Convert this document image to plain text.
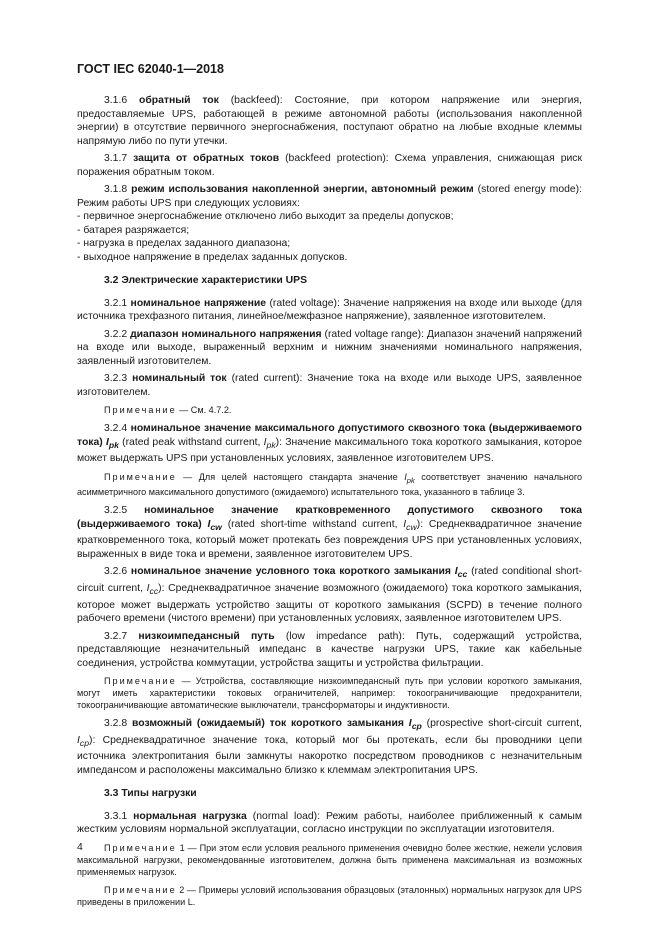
ГОСТ IEC 62040-1—2018

3.1.6 обратный ток (backfeed): Состояние, при котором напряжение или энергия, предоставляемые UPS, работающей в режиме автономной работы (использования накопленной энергии) в отсутствие первичного энергоснабжения, поступают обратно на любые входные клеммы напрямую либо по пути утечки.

3.1.7 защита от обратных токов (backfeed protection): Схема управления, снижающая риск поражения обратным током.

3.1.8 режим использования накопленной энергии, автономный режим (stored energy mode): Режим работы UPS при следующих условиях:

- первичное энергоснабжение отключено либо выходит за пределы допусков;
- батарея разряжается;
- нагрузка в пределах заданного диапазона;
- выходное напряжение в пределах заданных допусков.

3.2 Электрические характеристики UPS

3.2.1 номинальное напряжение (rated voltage): Значение напряжения на входе или выходе (для источника трехфазного питания, линейное/межфазное напряжение), заявленное изготовителем.

3.2.2 диапазон номинального напряжения (rated voltage range): Диапазон значений напряжений на входе или выходе, выраженный верхним и нижним значениями номинального напряжения, заявленный изготовителем.

3.2.3 номинальный ток (rated current): Значение тока на входе или выходе UPS, заявленное изготовителем.

Примечание — См. 4.7.2.

3.2.4 номинальное значение максимального допустимого сквозного тока (выдерживаемого тока) $I_{pk}$ (rated peak withstand current, $I_{pk}$): Значение максимального тока короткого замыкания, которое может выдержать UPS при установленных условиях, заявленное изготовителем UPS.

Примечание — Для целей настоящего стандарта значение $I_{pk}$ соответствует значению начального асимметричного максимального допустимого (ожидаемого) испытательного тока, указанного в таблице 3.

3.2.5 номинальное значение кратковременного допустимого сквозного тока (выдерживаемого тока) $I_{cw}$ (rated short-time withstand current, $I_{cw}$): Среднеквадратичное значение кратковременного тока, который может протекать без повреждения UPS при установленных условиях, выраженных в виде тока и времени, заявленное изготовителем UPS.

3.2.6 номинальное значение условного тока короткого замыкания $I_{cc}$ (rated conditional short-circuit current, $I_{cc}$): Среднеквадратичное значение возможного (ожидаемого) тока короткого замыкания, которое может выдержать устройство защиты от короткого замыкания (SCPD) в течение полного рабочего времени (чистого времени) при установленных условиях, заявленное изготовителем UPS.

3.2.7 низкоимпедансный путь (low impedance path): Путь, содержащий устройства, представляющие незначительный импеданс в качестве нагрузки UPS, такие как кабельные соединения, устройства коммутации, устройства защиты и устройства фильтрации.

Примечание — Устройства, составляющие низкоимпедансный путь при условии короткого замыкания, могут иметь характеристики токовых ограничителей, например: токоограничивающие предохранители, токоограничивающие автоматические выключатели, трансформаторы и индуктивности.

3.2.8 возможный (ожидаемый) ток короткого замыкания $I_{cp}$ (prospective short-circuit current, $I_{cp}$): Среднеквадратичное значение тока, который мог бы протекать, если бы проводники цепи источника электропитания были замкнуты накоротко посредством проводников с незначительным импедансом и расположены максимально близко к клеммам электропитания UPS.

3.3 Типы нагрузки

3.3.1 нормальная нагрузка (normal load): Режим работы, наиболее приближенный к самым жестким условиям нормальной эксплуатации, согласно инструкции по эксплуатации изготовителя.

Примечание 1 — При этом если условия реального применения очевидно более жесткие, нежели условия максимальной нагрузки, рекомендованные изготовителем, должна быть применена максимальная из возможных применяемых нагрузок.

Примечание 2 — Примеры условий использования образцовых (эталонных) нормальных нагрузок для UPS приведены в приложении L.

4
